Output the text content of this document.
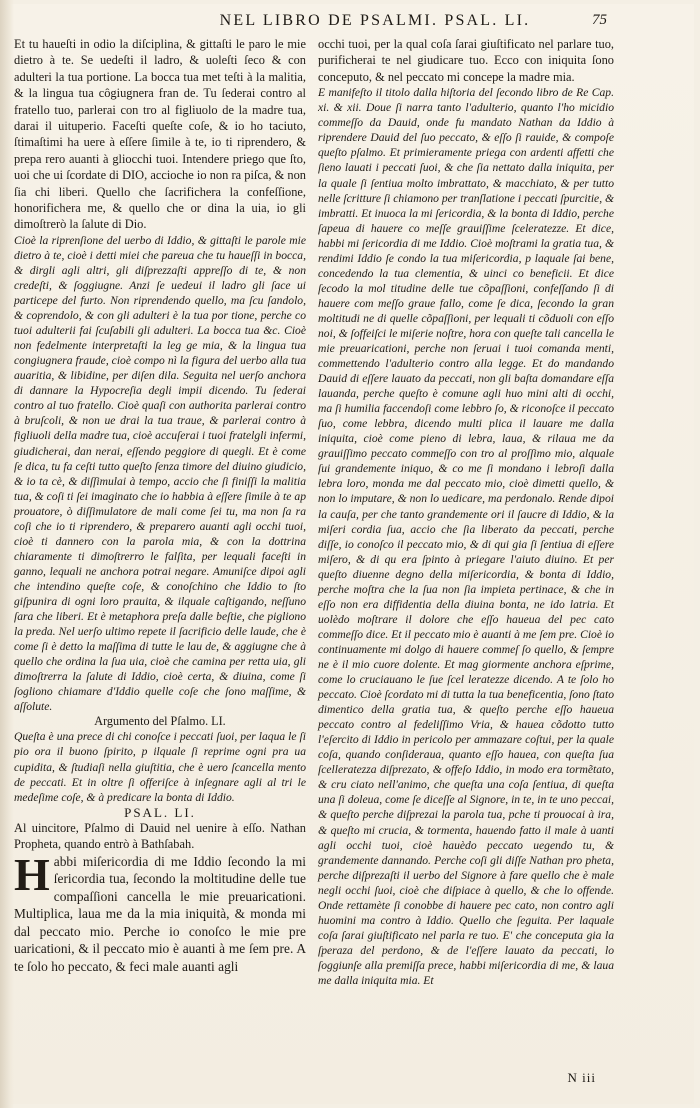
NEL LIBRO DE PSALMI. PSAL. LI.	75

Et tu haueſti in odio la diſciplina, & gittaſti le paro le mie dietro à te. Se uedeſti il ladro, & uoleſti ſeco & con adulteri la tua portione. La bocca tua met teſti à la malitia, & la lingua tua côgiugnera fran de. Tu ſederai contro al fratello tuo, parlerai con tro al figliuolo de la madre tua, darai il uituperio. Faceſti queſte coſe, & io ho taciuto, ſtimaſtimi ha uere à eſſere ſimile à te, io ti riprendero, & prepa rero auanti à gliocchi tuoi. Intendere priego que ſto, uoi che ui ſcordate di DIO, accioche io non ra piſca, & non ſia chi liberi. Quello che ſacrifichera la confeſſione, honorifichera me, & quello che or dina la uia, io gli dimoſtrerò la ſalute di Dio.

Cioè la riprenſione del uerbo di Iddio, & gittaſti le parole mie dietro à te, cioè i detti miei che pareua che tu haueſſi in bocca, & dirgli agli altri, gli diſprezzaſti appreſſo di te, & non credeſti, & ſoggiugne. Anzi ſe uedeui il ladro gli ſace ui particepe del furto. Non riprendendo quello, ma ſcu ſandolo, & coprendolo, & con gli adulteri è la tua por tione, perche co tuoi adulterii fai ſcuſabili gli adulteri. La bocca tua &c. Cioè non fedelmente interpretaſti la leg ge mia, & la lingua tua congiugnera fraude, cioè compo nì la figura del uerbo alla tua auaritia, & libidine, per diſen dila. Seguita nel uerſo anchora di dannare la Hypocreſia degli impii dicendo. Tu ſederai contro al tuo fratello. Cioè quaſi con authorita parlerai contro à bruſcoli, & non ue drai la tua traue, & parlerai contro à figliuoli della madre tua, cioè accuſerai i tuoi fratelgli infermi, giudicherai, dan nerai, eſſendo peggiore di quegli. Et è come ſe dica, tu fa ceſti tutto queſto ſenza timore del diuino giudicio, & io ta cè, & diſſimulai à tempo, accio che ſi finiſſi la malitia tua, & coſi ti ſei imaginato che io habbia à eſſere ſimile à te ap prouatore, ò diſſimulatore de mali come ſei tu, ma non ſa ra coſi che io ti riprendero, & preparero auanti agli occhi tuoi, cioè ti dannero con la parola mia, & con la dottrina chiaramente ti dimoſtrerro le falſita, per lequali faceſti in ganno, lequali ne anchora potrai negare. Amuniſce dipoi agli che intendino queſte coſe, & conoſchino che Iddio to ſto giſpunira di ogni loro prauita, & ilquale caſtigando, neſſuno ſara che liberi. Et è metaphora preſa dalle beſtie, che pigliono la preda. Nel uerſo ultimo repete il ſacrificio delle laude, che è come ſi è detto la maſſima di tutte le lau de, & aggiugne che à quello che ordina la ſua uia, cioè che camina per retta uia, gli dimoſtrerra la ſalute di Iddio, cioè certa, & diuina, come ſi ſogliono chiamare d'Iddio quelle coſe che ſono maſſime, & aſſolute.

Argumento del Pſalmo. LI.

Queſta è una prece di chi conoſce i peccati ſuoi, per laqua le ſi pio ora il buono ſpirito, p ilquale ſi reprime ogni pra ua cupidita, & ſtudiaſi nella giuſtitia, che è uero ſcancella mento de peccati. Et in oltre ſi offeriſce à inſegnare agli al tri le medeſime coſe, & à predicare la bonta di Iddio.

PSAL. LI.

Al uincitore, Pſalmo di Dauid nel uenire à eſſo. Nathan Propheta, quando entrò à Bathſabah.

Habbi miſericordia di me Iddio ſecondo la mi ſericordia tua, ſecondo la moltitudine delle tue compaſſioni cancella le mie preuaricationi. Multiplica, laua me da la mia iniquità, & monda mi dal peccato mio. Perche io conoſco le mie pre uaricationi, & il peccato mio è auanti à me ſem pre. A te ſolo ho peccato, & feci male auanti agli

occhi tuoi, per la qual coſa ſarai giuſtificato nel parlare tuo, purificherai te nel giudicare tuo. Ecco con iniquita ſono conceputo, & nel peccato mi concepe la madre mia.

E manifeſto il titolo dalla hiſtoria del ſecondo libro de Re Cap. xi. & xii. Doue ſi narra tanto l'adulterio, quanto l'ho micidio commeſſo da Dauid, onde fu mandato Nathan da Iddio à riprendere Dauid del ſuo peccato, & eſſo ſi rauide, & compoſe queſto pſalmo. Et primieramente priega con ardenti affetti che ſieno lauati i peccati ſuoi, & che ſia nettato dalla iniquita, per la quale ſi ſentiua molto imbrattato, & macchiato, & per tutto nelle ſcritture ſi chiamono per tranſlatione i peccati ſpurcitie, & imbratti. Et inuoca la mi ſericordia, & la bonta di Iddio, perche ſapeua di hauere co meſſe grauiſſime ſceleratezze. Et dice, habbi mi ſericordia di me Iddio. Cioè moſtrami la gratia tua, & rendimi Iddio ſe condo la tua miſericordia, p laquale ſai bene, concedendo la tua clementia, & uinci co beneficii. Et dice ſecodo la mol titudine delle tue cõpaſſioni, confeſſando ſi di hauere com meſſo graue fallo, come ſe dica, ſecondo la gran moltitudi ne di quelle cõpaſſioni, per lequali ti cõduoli con eſſo noi, & ſoffeiſci le miſerie noſtre, hora con queſte tali cancella le mie preuaricationi, perche non ſeruai i tuoi comanda menti, commettendo l'adulterio contro alla legge. Et do mandando Dauid di eſſere lauato da peccati, non gli baſta domandare eſſa lauanda, perche queſto è comune agli huo mini alti di occhi, ma ſi humilia faccendoſi come lebbro ſo, & riconoſce il peccato ſuo, come lebbra, dicendo multi plica il lauare me dalla iniquita, cioè come pieno di lebra, laua, & rilaua me da grauiſſimo peccato commeſſo con tro al proſſimo mio, alquale ſui grandemente iniquo, & co me ſi mondano i lebroſi dalla lebra loro, monda me dal peccato mio, cioè dimetti quello, & non lo imputare, & non lo uedicare, ma perdonalo. Rende dipoi la cauſa, per che tanto grandemente ori il ſaucre di Iddio, & la miſeri cordia ſua, accio che ſia liberato da peccati, perche diſſe, io conoſco il peccato mio, & di qui gia ſi ſentiua di eſſere miſero, & di qu era ſpinto à priegare l'aiuto diuino. Et per queſto diuenne degno della miſericordia, & bonta di Iddio, perche moſtra che la ſua non ſia impieta pertinace, & che in eſſo non era diffidentia della diuina bonta, ne ido latria. Et uolèdo moſtrare il dolore che eſſo haueua del pec cato commeſſo dice. Et il peccato mio è auanti à me ſem pre. Cioè io continuamente mi dolgo di hauere commeſ ſo quello, & ſempre ne è il mio cuore dolente. Et mag giormente anchora eſprime, come lo cruciauano le ſue ſcel leratezze dicendo. A te ſolo ho peccato. Cioè ſcordato mi di tutta la tua beneficentia, ſono ſtato dimentico della gratia tua, & queſto perche eſſo haueua peccato contro al fedeliſſimo Vria, & hauea cõdotto tutto l'eſercito di Iddio in pericolo per ammazare coſtui, per la quale coſa, quando conſideraua, quanto eſſo hauea, con queſta ſua ſcelleratezza diſprezato, & offeſo Iddio, in modo era tormẽtato, & cru ciato nell'animo, che queſta una coſa ſentiua, di queſta una ſi doleua, come ſe diceſſe al Signore, in te, in te uno peccai, & queſto perche diſprezai la parola tua, pche ti prouocai à ira, & queſto mi crucia, & tormenta, hauendo fatto il male à uanti agli occhi tuoi, cioè hauèdo peccato uegendo tu, & grandemente dannando. Perche coſi gli diſſe Nathan pro pheta, perche diſprezaſti il uerbo del Signore à fare quello che è male negli occhi ſuoi, cioè che diſpiace à quello, & che lo offende. Onde rettamète ſi conobbe di hauere pec cato, non contro agli huomini ma contro à Iddio. Quello che ſeguita. Per laquale coſa ſarai giuſtificato nel parla re tuo. E' che conceputa gia la ſperaza del perdono, & de l'eſſere lauato da peccati, lo ſoggiunſe alla premiſſa prece, habbi miſericordia di me, & laua me dalla iniquita mia. Et

N iii
